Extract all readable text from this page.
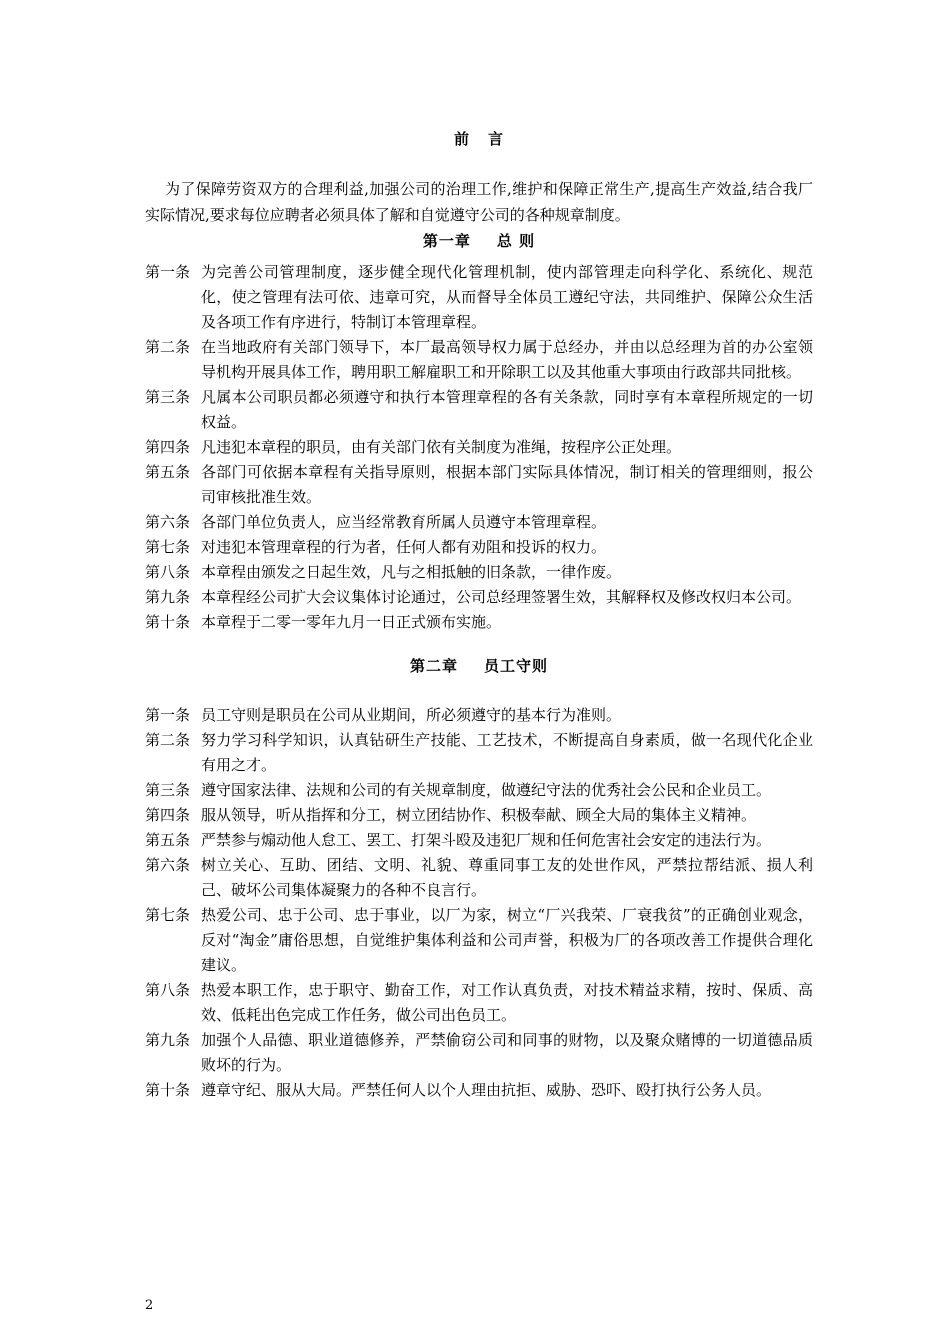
前 言

为了保障劳资双方的合理利益,加强公司的治理工作,维护和保障正常生产,提高生产效益,结合我厂实际情况,要求每位应聘者必须具体了解和自觉遵守公司的各种规章制度。

第一章 总 则
第一条 为完善公司管理制度，逐步健全现代化管理机制，使内部管理走向科学化、系统化、规范化，使之管理有法可依、违章可究，从而督导全体员工遵纪守法，共同维护、保障公众生活及各项工作有序进行，特制订本管理章程。
第二条 在当地政府有关部门领导下，本厂最高领导权力属于总经办，并由以总经理为首的办公室领导机构开展具体工作，聘用职工解雇职工和开除职工以及其他重大事项由行政部共同批核。
第三条 凡属本公司职员都必须遵守和执行本管理章程的各有关条款，同时享有本章程所规定的一切权益。
第四条 凡违犯本章程的职员，由有关部门依有关制度为准绳，按程序公正处理。
第五条 各部门可依据本章程有关指导原则，根据本部门实际具体情况，制订相关的管理细则，报公司审核批准生效。
第六条 各部门单位负责人，应当经常教育所属人员遵守本管理章程。
第七条 对违犯本管理章程的行为者，任何人都有劝阻和投诉的权力。
第八条 本章程由颁发之日起生效，凡与之相抵触的旧条款，一律作废。
第九条 本章程经公司扩大会议集体讨论通过，公司总经理签署生效，其解释权及修改权归本公司。
第十条 本章程于二零一零年九月一日正式颁布实施。
第二章 员工守则
第一条 员工守则是职员在公司从业期间，所必须遵守的基本行为准则。
第二条 努力学习科学知识，认真钻研生产技能、工艺技术，不断提高自身素质，做一名现代化企业有用之才。
第三条 遵守国家法律、法规和公司的有关规章制度，做遵纪守法的优秀社会公民和企业员工。
第四条 服从领导，听从指挥和分工，树立团结协作、积极奉献、顾全大局的集体主义精神。
第五条 严禁参与煽动他人怠工、罢工、打架斗殴及违犯厂规和任何危害社会安定的违法行为。
第六条 树立关心、互助、团结、文明、礼貌、尊重同事工友的处世作风，严禁拉帮结派、损人利己、破坏公司集体凝聚力的各种不良言行。
第七条 热爱公司、忠于公司、忠于事业，以厂为家，树立“厂兴我荣、厂衰我贫”的正确创业观念，反对“淘金”庸俗思想，自觉维护集体利益和公司声誉，积极为厂的各项改善工作提供合理化建议。
第八条 热爱本职工作，忠于职守、勤奋工作，对工作认真负责，对技术精益求精，按时、保质、高效、低耗出色完成工作任务，做公司出色员工。
第九条 加强个人品德、职业道德修养，严禁偷窃公司和同事的财物，以及聚众赌博的一切道德品质败坏的行为。
第十条 遵章守纪、服从大局。严禁任何人以个人理由抗拒、威胁、恐吓、殴打执行公务人员。
2
